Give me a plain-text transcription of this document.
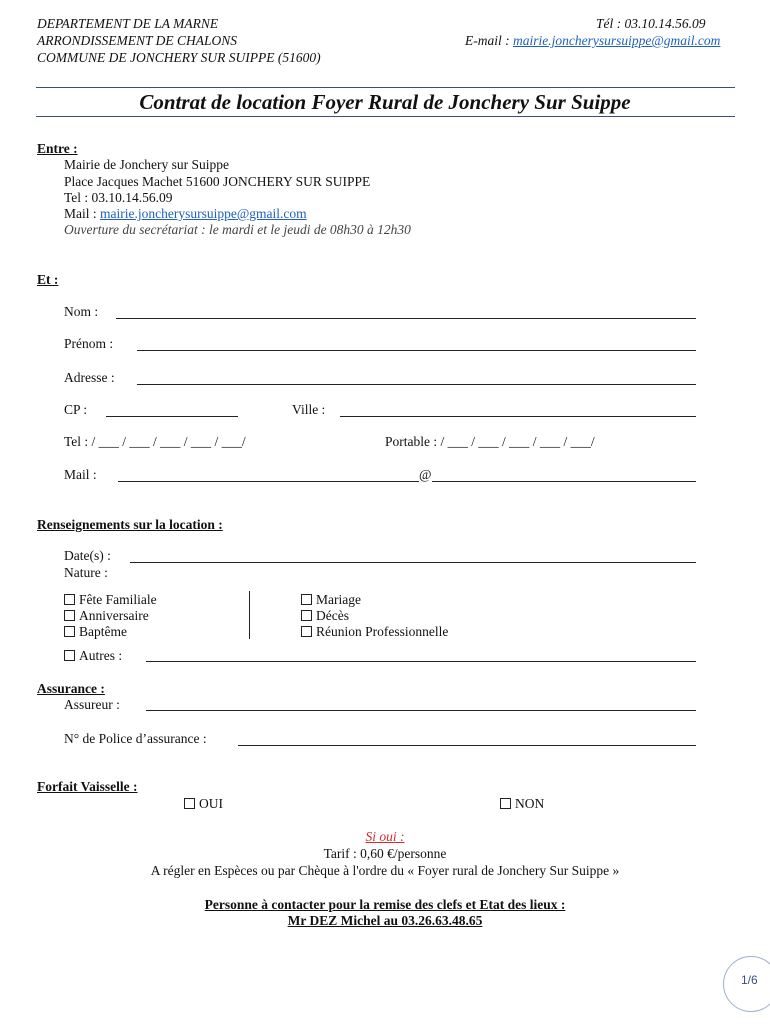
DEPARTEMENT DE LA MARNE
ARRONDISSEMENT DE CHALONS
COMMUNE DE JONCHERY SUR SUIPPE (51600)
Tél : 03.10.14.56.09
E-mail : mairie.joncherysursuippe@gmail.com
Contrat de location Foyer Rural de Jonchery Sur Suippe
Entre :
Mairie de Jonchery sur Suippe
Place Jacques Machet 51600 JONCHERY SUR SUIPPE
Tel : 03.10.14.56.09
Mail : mairie.joncherysursuippe@gmail.com
Ouverture du secrétariat : le mardi et le jeudi de 08h30 à 12h30
Et :
Nom :
Prénom :
Adresse :
CP :	Ville :
Tel : / ___ / ___ / ___ / ___ / ___/	Portable : / ___ / ___ / ___ / ___ / ___/
Mail :	@
Renseignements sur la location :
Date(s) :
Nature :
Fête Familiale
Anniversaire
Baptême
Mariage
Décès
Réunion Professionnelle
Autres :
Assurance :
Assureur :
N° de Police d’assurance :
Forfait Vaisselle :
OUI	NON
Si oui :
Tarif : 0,60 €/personne
A régler en Espèces ou par Chèque à l'ordre du « Foyer rural de Jonchery Sur Suippe »
Personne à contacter pour la remise des clefs et Etat des lieux :
Mr DEZ Michel au 03.26.63.48.65
1/6
